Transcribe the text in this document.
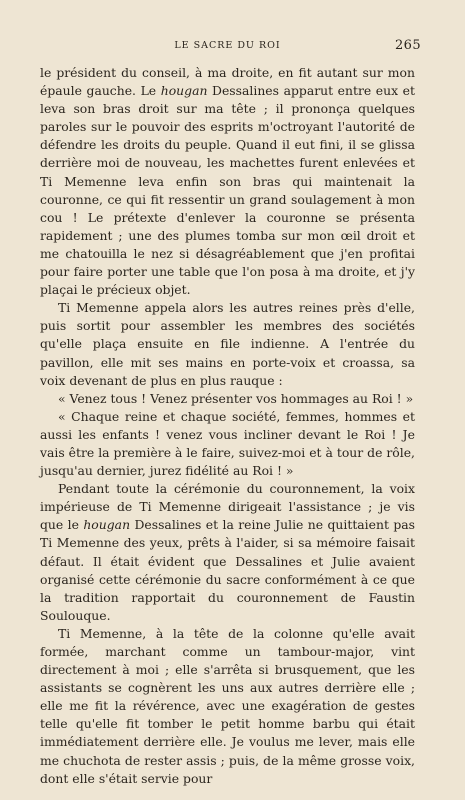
LE SACRE DU ROI	265

le président du conseil, à ma droite, en fit autant sur mon épaule gauche. Le hougan Dessalines apparut entre eux et leva son bras droit sur ma tête ; il prononça quelques paroles sur le pouvoir des esprits m'octroyant l'autorité de défendre les droits du peuple. Quand il eut fini, il se glissa derrière moi de nouveau, les machettes furent enlevées et Ti Memenne leva enfin son bras qui maintenait la couronne, ce qui fit ressentir un grand soulagement à mon cou ! Le prétexte d'enlever la couronne se présenta rapidement ; une des plumes tomba sur mon œil droit et me chatouilla le nez si désagréablement que j'en profitai pour faire porter une table que l'on posa à ma droite, et j'y plaçai le précieux objet.

Ti Memenne appela alors les autres reines près d'elle, puis sortit pour assembler les membres des sociétés qu'elle plaça ensuite en file indienne. A l'entrée du pavillon, elle mit ses mains en porte-voix et croassa, sa voix devenant de plus en plus rauque :

« Venez tous ! Venez présenter vos hommages au Roi ! »

« Chaque reine et chaque société, femmes, hommes et aussi les enfants ! venez vous incliner devant le Roi ! Je vais être la première à le faire, suivez-moi et à tour de rôle, jusqu'au dernier, jurez fidélité au Roi ! »

Pendant toute la cérémonie du couronnement, la voix impérieuse de Ti Memenne dirigeait l'assistance ; je vis que le hougan Dessalines et la reine Julie ne quittaient pas Ti Memenne des yeux, prêts à l'aider, si sa mémoire faisait défaut. Il était évident que Dessalines et Julie avaient organisé cette cérémonie du sacre conformément à ce que la tradition rapportait du couronnement de Faustin Soulouque.

Ti Memenne, à la tête de la colonne qu'elle avait formée, marchant comme un tambour-major, vint directement à moi ; elle s'arrêta si brusquement, que les assistants se cognèrent les uns aux autres derrière elle ; elle me fit la révérence, avec une exagération de gestes telle qu'elle fit tomber le petit homme barbu qui était immédiatement derrière elle. Je voulus me lever, mais elle me chuchota de rester assis ; puis, de la même grosse voix, dont elle s'était servie pour
